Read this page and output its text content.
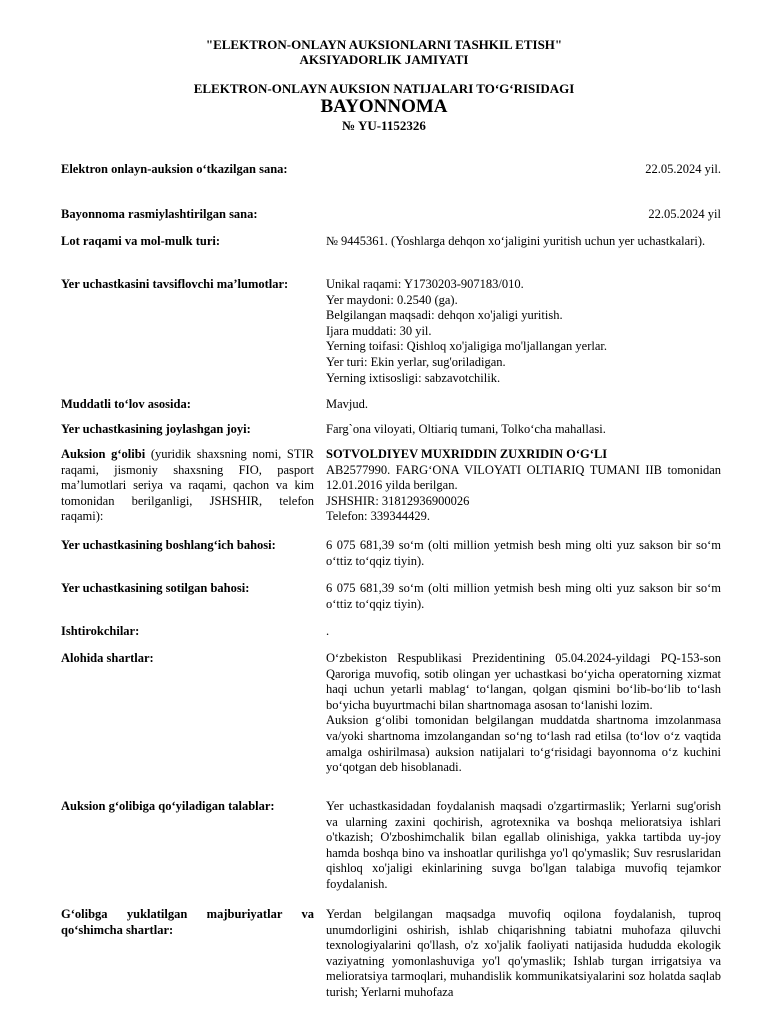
"ELEKTRON-ONLAYN AUKSIONLARNI TASHKIL ETISH"
AKSIYADORLIK JAMIYATI
ELEKTRON-ONLAYN AUKSION NATIJALARI TO‘G‘RISIDAGI
BAYONNOMA
№ YU-1152326
Elektron onlayn-auksion o‘tkazilgan sana:	22.05.2024 yil.
Bayonnoma rasmiylashtirilgan sana:	22.05.2024 yil
Lot raqami va mol-mulk turi:	№ 9445361. (Yoshlarga dehqon xo‘jaligini yuritish uchun yer uchastkalari).
Yer uchastkasini tavsiflovchi ma’lumotlar:	Unikal raqami: Y1730203-907183/010.
Yer maydoni: 0.2540 (ga).
Belgilangan maqsadi: dehqon xo'jaligi yuritish.
Ijara muddati: 30 yil.
Yerning toifasi: Qishloq xo'jaligiga mo'ljallangan yerlar.
Yer turi: Ekin yerlar, sug'oriladigan.
Yerning ixtisosligi: sabzavotchilik.
Muddatli to‘lov asosida:	Mavjud.
Yer uchastkasining joylashgan joyi:	Farg`ona viloyati, Oltiariq tumani, Tolko‘cha mahallasi.
Auksion g‘olibi (yuridik shaxsning nomi, STIR raqami, jismoniy shaxsning FIO, pasport ma’lumotlari seriya va raqami, qachon va kim tomonidan berilganligi, JSHSHIR, telefon raqami):
SOTVOLDIYEV MUXRIDDIN ZUXRIDIN O‘G‘LI
AB2577990. FARG‘ONA VILOYATI OLTIARIQ TUMANI IIB tomonidan 12.01.2016 yilda berilgan.
JSHSHIR: 31812936900026
Telefon: 339344429.
Yer uchastkasining boshlang‘ich bahosi:	6 075 681,39 so‘m (olti million yetmish besh ming olti yuz sakson bir so‘m o‘ttiz to‘qqiz tiyin).
Yer uchastkasining sotilgan bahosi:	6 075 681,39 so‘m (olti million yetmish besh ming olti yuz sakson bir so‘m o‘ttiz to‘qqiz tiyin).
Ishtirokchilar:	.
Alohida shartlar:	O‘zbekiston Respublikasi Prezidentining 05.04.2024-yildagi PQ-153-son Qaroriga muvofiq, sotib olingan yer uchastkasi bo‘yicha operatorning xizmat haqi uchun yetarli mablag‘ to‘langan, qolgan qismini bo‘lib-bo‘lib to‘lash bo‘yicha buyurtmachi bilan shartnomaga asosan to‘lanishi lozim.

Auksion g‘olibi tomonidan belgilangan muddatda shartnoma imzolanmasa va/yoki shartnoma imzolangandan so‘ng to‘lash rad etilsa (to‘lov o‘z vaqtida amalga oshirilmasa) auksion natijalari to‘g‘risidagi bayonnoma o‘z kuchini yo‘qotgan deb hisoblanadi.

Auksion g‘olibiga qo‘yiladigan talablar:	Yer uchastkasidadan foydalanish maqsadi o'zgartirmaslik; Yerlarni sug'orish va ularning zaxini qochirish, agrotexnika va boshqa melioratsiya ishlari o'tkazish; O'zboshimchalik bilan egallab olinishiga, yakka tartibda uy-joy hamda boshqa bino va inshoatlar qurilishga yo'l qo'ymaslik; Suv resruslaridan qishloq xo'jaligi ekinlarining suvga bo'lgan talabiga muvofiq tejamkor foydalanish.
G‘olibga yuklatilgan majburiyatlar va qo‘shimcha shartlar:
Yerdan belgilangan maqsadga muvofiq oqilona foydalanish, tuproq unumdorligini oshirish, ishlab chiqarishning tabiatni muhofaza qiluvchi texnologiyalarini qo'llash, o'z xo'jalik faoliyati natijasida hududda ekologik vaziyatning yomonlashuviga yo'l qo'ymaslik; Ishlab turgan irrigatsiya va melioratsiya tarmoqlari, muhandislik kommunikatsiyalarini soz holatda saqlab turish; Yerlarni muhofaza
